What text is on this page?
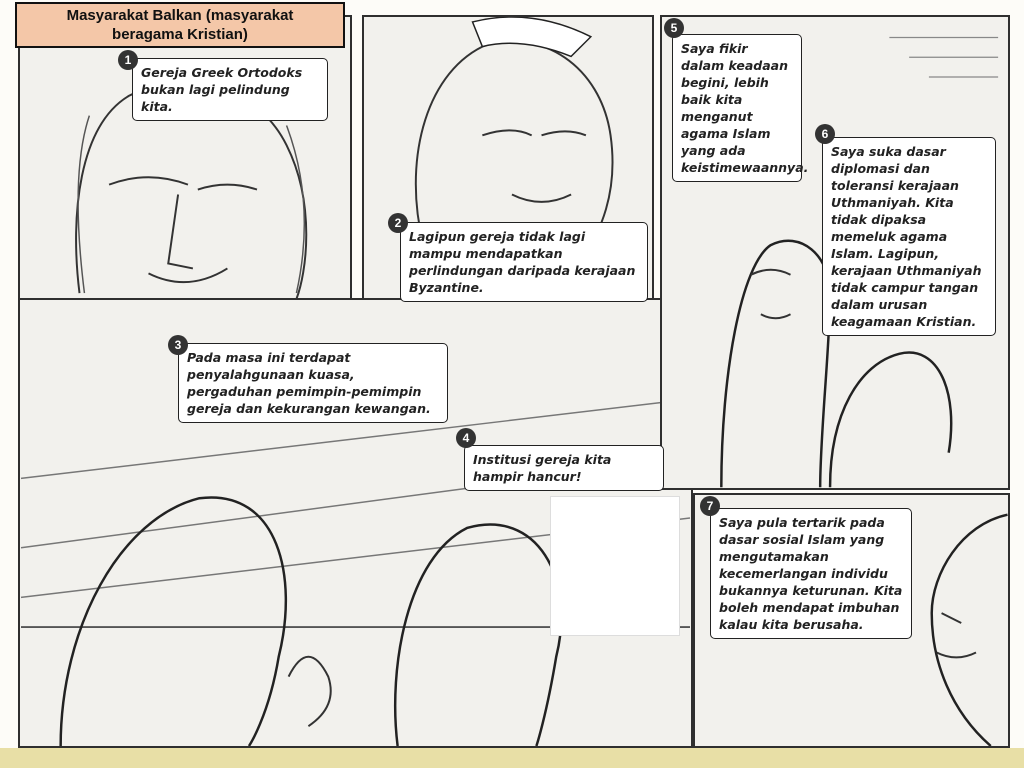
1
Gereja Greek Ortodoks bukan lagi pelindung kita.
2
Lagipun gereja tidak lagi mampu mendapatkan perlindungan daripada kerajaan Byzantine.
3
Pada masa ini terdapat penyalahgunaan kuasa, pergaduhan pemimpin-pemimpin gereja dan kekurangan kewangan.
4
Institusi gereja kita hampir hancur!
5
Saya fikir dalam keadaan begini, lebih baik kita menganut agama Islam yang ada keistimewaannya.
6
Saya suka dasar diplomasi dan toleransi kerajaan Uthmaniyah. Kita tidak dipaksa memeluk agama Islam. Lagipun, kerajaan Uthmaniyah tidak campur tangan dalam urusan keagamaan Kristian.
7
Saya pula tertarik pada dasar sosial Islam yang mengutamakan kecemerlangan individu bukannya keturunan. Kita boleh mendapat imbuhan kalau kita berusaha.
Masyarakat Balkan (masyarakat
beragama Kristian)
